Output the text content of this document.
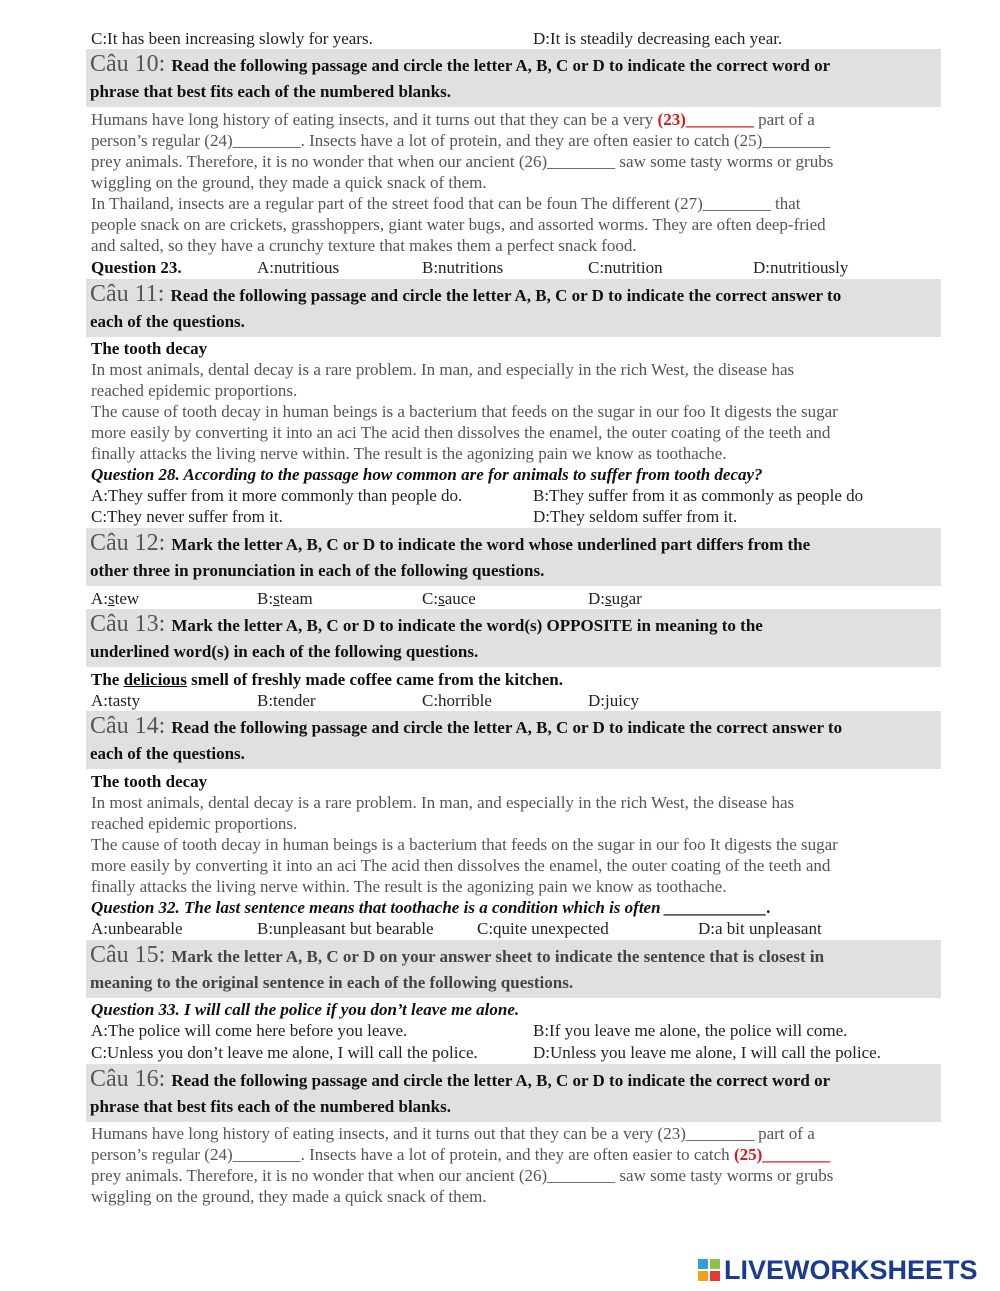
C:It has been increasing slowly for years.	D:It is steadily decreasing each year.
Câu 10: Read the following passage and circle the letter A, B, C or D to indicate the correct word or
phrase that best fits each of the numbered blanks.
Humans have long history of eating insects, and it turns out that they can be a very (23)________ part of a
person’s regular (24)________. Insects have a lot of protein, and they are often easier to catch (25)________
prey animals. Therefore, it is no wonder that when our ancient (26)________ saw some tasty worms or grubs
wiggling on the ground, they made a quick snack of them.
In Thailand, insects are a regular part of the street food that can be foun The different (27)________ that
people snack on are crickets, grasshoppers, giant water bugs, and assorted worms. They are often deep-fried
and salted, so they have a crunchy texture that makes them a perfect snack food.
Question 23.	A:nutritious	B:nutritions	C:nutrition	D:nutritiously
Câu 11: Read the following passage and circle the letter A, B, C or D to indicate the correct answer to
each of the questions.
The tooth decay
In most animals, dental decay is a rare problem. In man, and especially in the rich West, the disease has
reached epidemic proportions.
The cause of tooth decay in human beings is a bacterium that feeds on the sugar in our foo It digests the sugar
more easily by converting it into an aci The acid then dissolves the enamel, the outer coating of the teeth and
finally attacks the living nerve within. The result is the agonizing pain we know as toothache.
Question 28. According to the passage how common are for animals to suffer from tooth decay?
A:They suffer from it more commonly than people do.	B:They suffer from it as commonly as people do
C:They never suffer from it.	D:They seldom suffer from it.
Câu 12: Mark the letter A, B, C or D to indicate the word whose underlined part differs from the
other three in pronunciation in each of the following questions.
A:stew	B:steam	C:sauce	D:sugar
Câu 13: Mark the letter A, B, C or D to indicate the word(s) OPPOSITE in meaning to the
underlined word(s) in each of the following questions.
The delicious smell of freshly made coffee came from the kitchen.
A:tasty	B:tender	C:horrible	D:juicy
Câu 14: Read the following passage and circle the letter A, B, C or D to indicate the correct answer to
each of the questions.
The tooth decay
In most animals, dental decay is a rare problem. In man, and especially in the rich West, the disease has
reached epidemic proportions.
The cause of tooth decay in human beings is a bacterium that feeds on the sugar in our foo It digests the sugar
more easily by converting it into an aci The acid then dissolves the enamel, the outer coating of the teeth and
finally attacks the living nerve within. The result is the agonizing pain we know as toothache.
Question 32. The last sentence means that toothache is a condition which is often ____________.
A:unbearable	B:unpleasant but bearable	C:quite unexpected	D:a bit unpleasant
Câu 15: Mark the letter A, B, C or D on your answer sheet to indicate the sentence that is closest in
meaning to the original sentence in each of the following questions.
Question 33. I will call the police if you don’t leave me alone.
A:The police will come here before you leave.	B:If you leave me alone, the police will come.
C:Unless you don’t leave me alone, I will call the police.	D:Unless you leave me alone, I will call the police.
Câu 16: Read the following passage and circle the letter A, B, C or D to indicate the correct word or
phrase that best fits each of the numbered blanks.
Humans have long history of eating insects, and it turns out that they can be a very (23)________ part of a
person’s regular (24)________. Insects have a lot of protein, and they are often easier to catch (25)________
prey animals. Therefore, it is no wonder that when our ancient (26)________ saw some tasty worms or grubs
wiggling on the ground, they made a quick snack of them.
LIVEWORKSHEETS
